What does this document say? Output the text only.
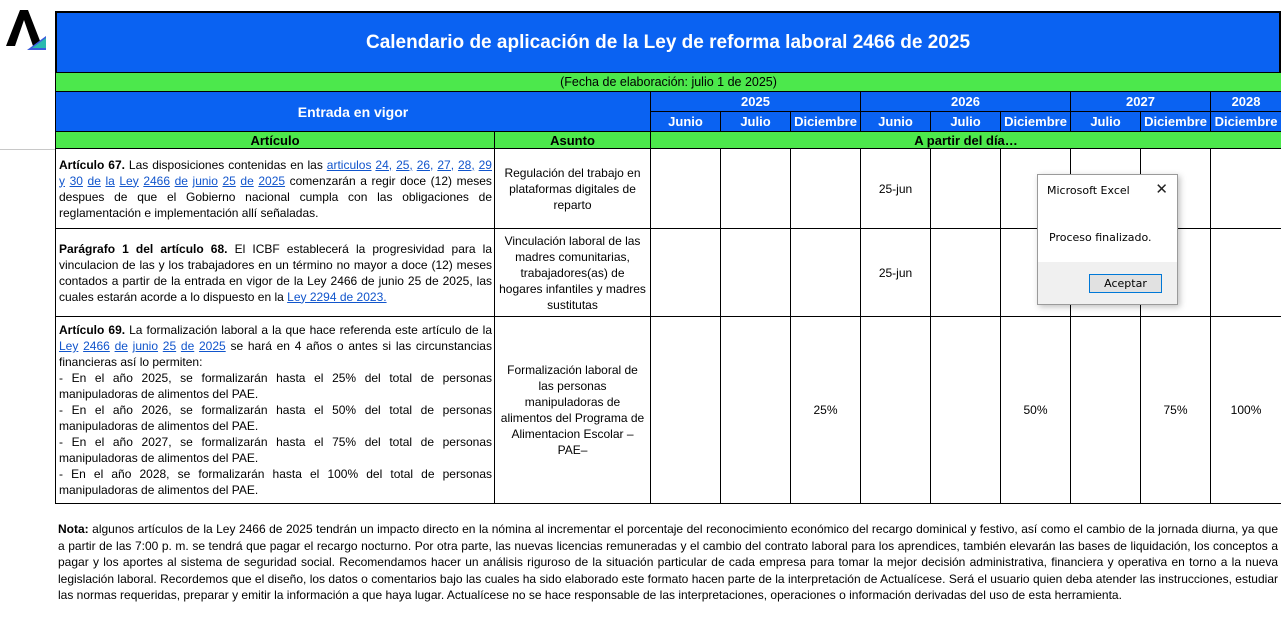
Calendario de aplicación de la Ley de reforma laboral 2466 de 2025
(Fecha de elaboración: julio 1 de 2025)										
Entrada en vigor		2025			2026			2027		2028
		Junio	Julio	Diciembre	Junio	Julio	Diciembre	Julio	Diciembre	Diciembre
Artículo	Asunto	A partir del día…								
Artículo 67. Las disposiciones contenidas en las articulos 24, 25, 26, 27, 28, 29 y 30 de la Ley 2466 de junio 25 de 2025 comenzarán a regir doce (12) meses despues de que el Gobierno nacional cumpla con las obligaciones de reglamentación e implementación allí señaladas.	Regulación del trabajo en plataformas digitales de reparto				25-jun					
Parágrafo 1 del artículo 68. El ICBF establecerá la progresividad para la vinculacion de las y los trabajadores en un término no mayor a doce (12) meses contados a partir de la entrada en vigor de la Ley 2466 de junio 25 de 2025, las cuales estarán acorde a lo dispuesto en la Ley 2294 de 2023.	Vinculación laboral de las madres comunitarias, trabajadores(as) de hogares infantiles y madres sustitutas				25-jun					
Artículo 69. La formalización laboral a la que hace referenda este artículo de la Ley 2466 de junio 25 de 2025 se hará en 4 años o antes si las circunstancias financieras así lo permiten:
- En el año 2025, se formalizarán hasta el 25% del total de personas manipuladoras de alimentos del PAE.
- En el año 2026, se formalizarán hasta el 50% del total de personas manipuladoras de alimentos del PAE.
- En el año 2027, se formalizarán hasta el 75% del total de personas manipuladoras de alimentos del PAE.
- En el año 2028, se formalizarán hasta el 100% del total de personas manipuladoras de alimentos del PAE.	Formalización laboral de las personas manipuladoras de alimentos del Programa de Alimentacion Escolar –PAE–			25%			50%		75%	100%
Nota: algunos artículos de la Ley 2466 de 2025 tendrán un impacto directo en la nómina al incrementar el porcentaje del reconocimiento económico del recargo dominical y festivo, así como el cambio de la jornada diurna, ya que a partir de las 7:00 p. m. se tendrá que pagar el recargo nocturno. Por otra parte, las nuevas licencias remuneradas y el cambio del contrato laboral para los aprendices, también elevarán las bases de liquidación, los conceptos a pagar y los aportes al sistema de seguridad social. Recomendamos hacer un análisis riguroso de la situación particular de cada empresa para tomar la mejor decisión administrativa, financiera y operativa en torno a la nueva legislación laboral. Recordemos que el diseño, los datos o comentarios bajo las cuales ha sido elaborado este formato hacen parte de la interpretación de Actualícese. Será el usuario quien deba atender las instrucciones, estudiar las normas requeridas, preparar y emitir la información a que haya lugar. Actualícese no se hace responsable de las interpretaciones, operaciones o información derivadas del uso de esta herramienta.
Microsoft Excel ✕
Proceso finalizado.
Aceptar
